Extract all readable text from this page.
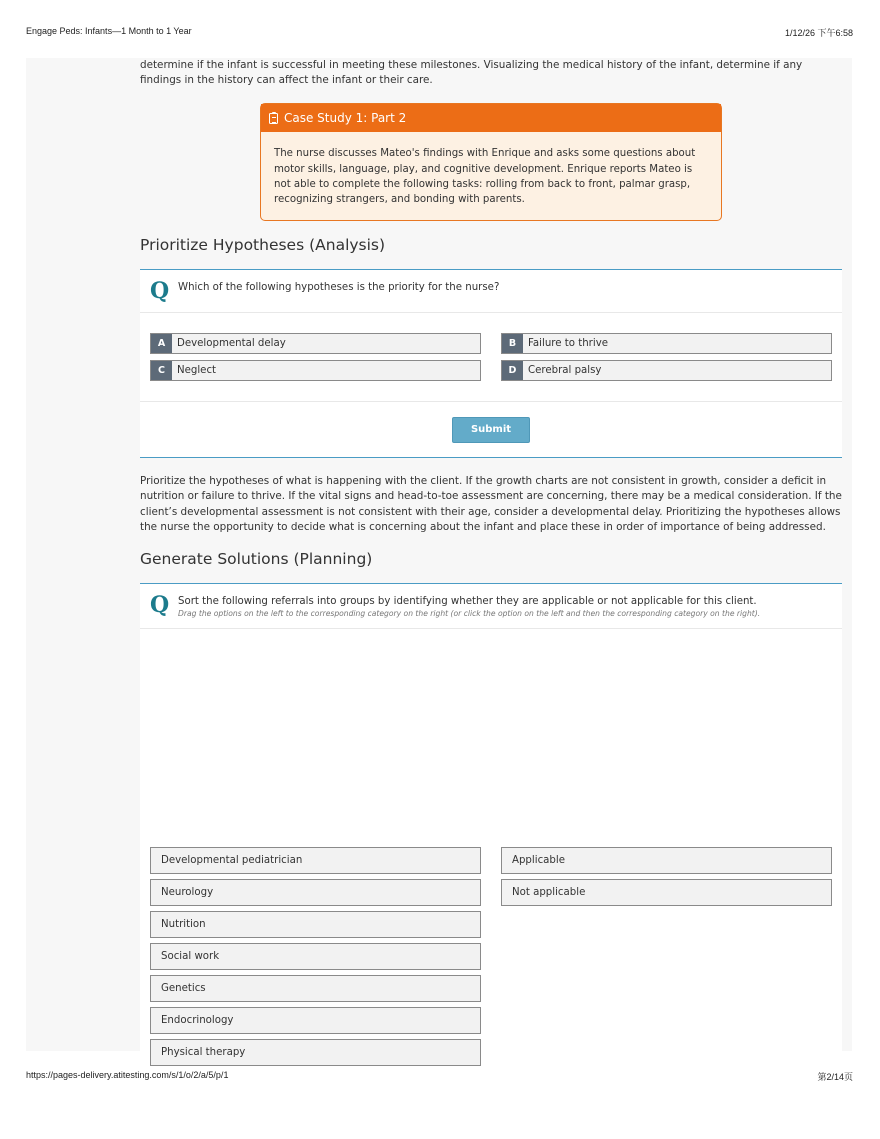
Engage Peds: Infants—1 Month to 1 Year	1/12/26 下午6:58

determine if the infant is successful in meeting these milestones. Visualizing the medical history of the infant, determine if any findings in the history can affect the infant or their care.

Case Study 1: Part 2
The nurse discusses Mateo's findings with Enrique and asks some questions about motor skills, language, play, and cognitive development. Enrique reports Mateo is not able to complete the following tasks: rolling from back to front, palmar grasp, recognizing strangers, and bonding with parents.
Prioritize Hypotheses (Analysis)
Q Which of the following hypotheses is the priority for the nurse?
A	Developmental delay	B	Failure to thrive
C	Neglect	D	Cerebral palsy
Submit

Prioritize the hypotheses of what is happening with the client. If the growth charts are not consistent in growth, consider a deficit in nutrition or failure to thrive. If the vital signs and head-to-toe assessment are concerning, there may be a medical consideration. If the client’s developmental assessment is not consistent with their age, consider a developmental delay. Prioritizing the hypotheses allows the nurse the opportunity to decide what is concerning about the infant and place these in order of importance of being addressed.

Generate Solutions (Planning)
Q Sort the following referrals into groups by identifying whether they are applicable or not applicable for this client.
Drag the options on the left to the corresponding category on the right (or click the option on the left and then the corresponding category on the right).
Developmental pediatrician
Neurology
Nutrition
Social work
Genetics
Endocrinology
Physical therapy
Applicable
Not applicable
https://pages-delivery.atitesting.com/s/1/o/2/a/5/p/1	第2/14页
